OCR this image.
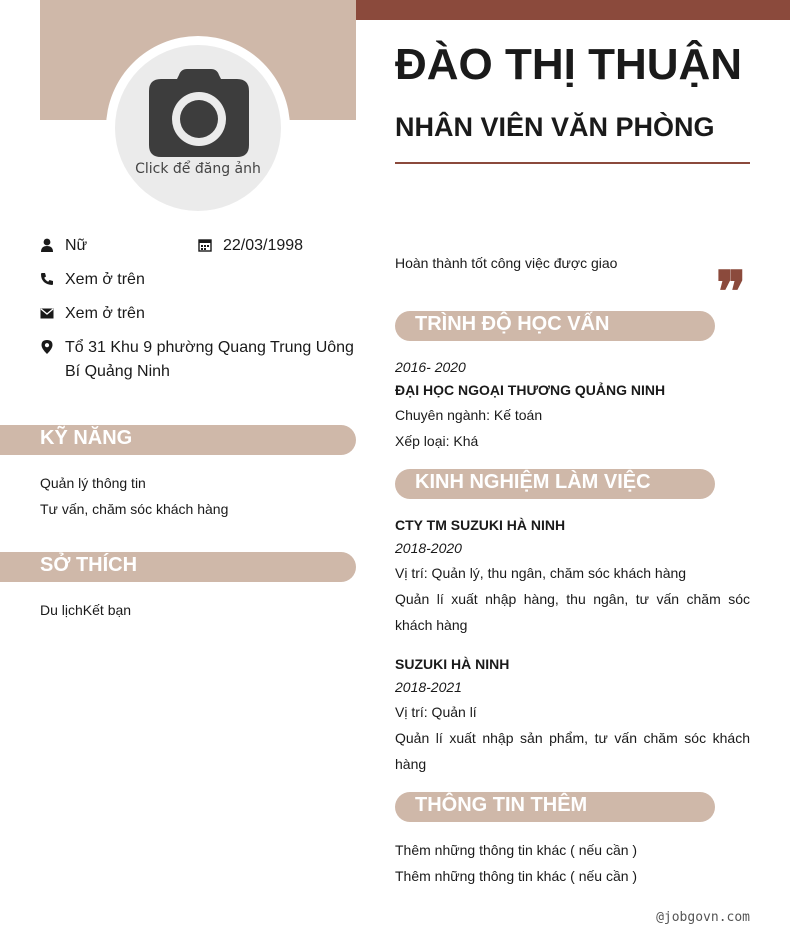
Click để đăng ảnh
ĐÀO THỊ THUẬN
NHÂN VIÊN VĂN PHÒNG
Nữ	22/03/1998
Xem ở trên
Xem ở trên
Tổ 31 Khu 9 phường Quang Trung Uông
Bí Quảng Ninh
KỸ NĂNG
Quản lý thông tin
Tư vấn, chăm sóc khách hàng
SỞ THÍCH
Du lịchKết bạn
Hoàn thành tốt công việc được giao ❞
TRÌNH ĐỘ HỌC VẤN
2016- 2020
ĐẠI HỌC NGOẠI THƯƠNG QUẢNG NINH
Chuyên ngành: Kế toán
Xếp loại: Khá
KINH NGHIỆM LÀM VIỆC
CTY TM SUZUKI HÀ NINH
2018-2020
Vị trí: Quản lý, thu ngân, chăm sóc khách hàng
Quản lí xuất nhập hàng, thu ngân, tư vấn chăm sóc khách hàng
SUZUKI HÀ NINH
2018-2021
Vị trí: Quản lí
Quản lí xuất nhập sản phẩm, tư vấn chăm sóc khách hàng
THÔNG TIN THÊM
Thêm những thông tin khác ( nếu cần )
Thêm những thông tin khác ( nếu cần )
@jobgovn.com
